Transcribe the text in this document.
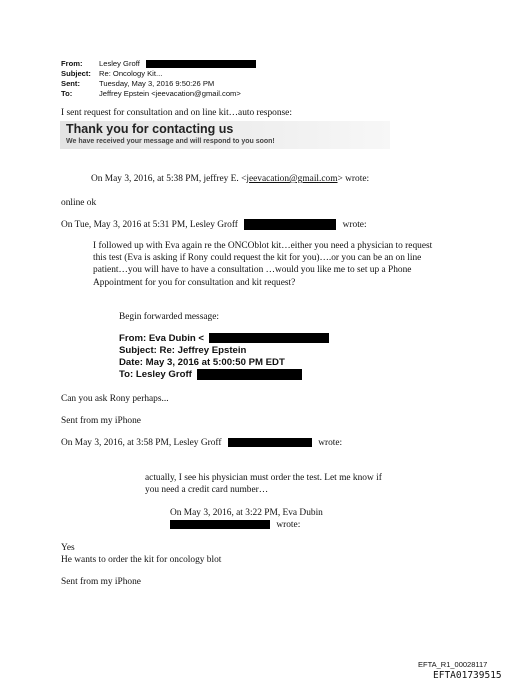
From: Lesley Groff
Subject: Re: Oncology Kit...
Sent:	Tuesday, May 3, 2016 9:50:26 PM
To:	Jeffrey Epstein <jeevacation@gmail.com>
I sent request for consultation and on line kit…auto response:
Thank you for contacting us
We have received your message and will respond to you soon!
On May 3, 2016, at 5:38 PM, jeffrey E. <jeevacation@gmail.com> wrote:
online ok
On Tue, May 3, 2016 at 5:31 PM, Lesley Groff	wrote:
I followed up with Eva again re the ONCOblot kit…either you need a physician to request this test (Eva is asking if Rony could request the kit for you)….or you can be an on line patient…you will have to have a consultation …would you like me to set up a Phone Appointment for you for consultation and kit request?
Begin forwarded message:
From: Eva Dubin <
Subject: Re: Jeffrey Epstein
Date: May 3, 2016 at 5:00:50 PM EDT
To: Lesley Groff
Can you ask Rony perhaps...
Sent from my iPhone
On May 3, 2016, at 3:58 PM, Lesley Groff	wrote:
actually, I see his physician must order the test. Let me know if you need a credit card number…
On May 3, 2016, at 3:22 PM, Eva Dubin
wrote:
Yes
He wants to order the kit for oncology blot
Sent from my iPhone
EFTA_R1_00028117
EFTA01739515
